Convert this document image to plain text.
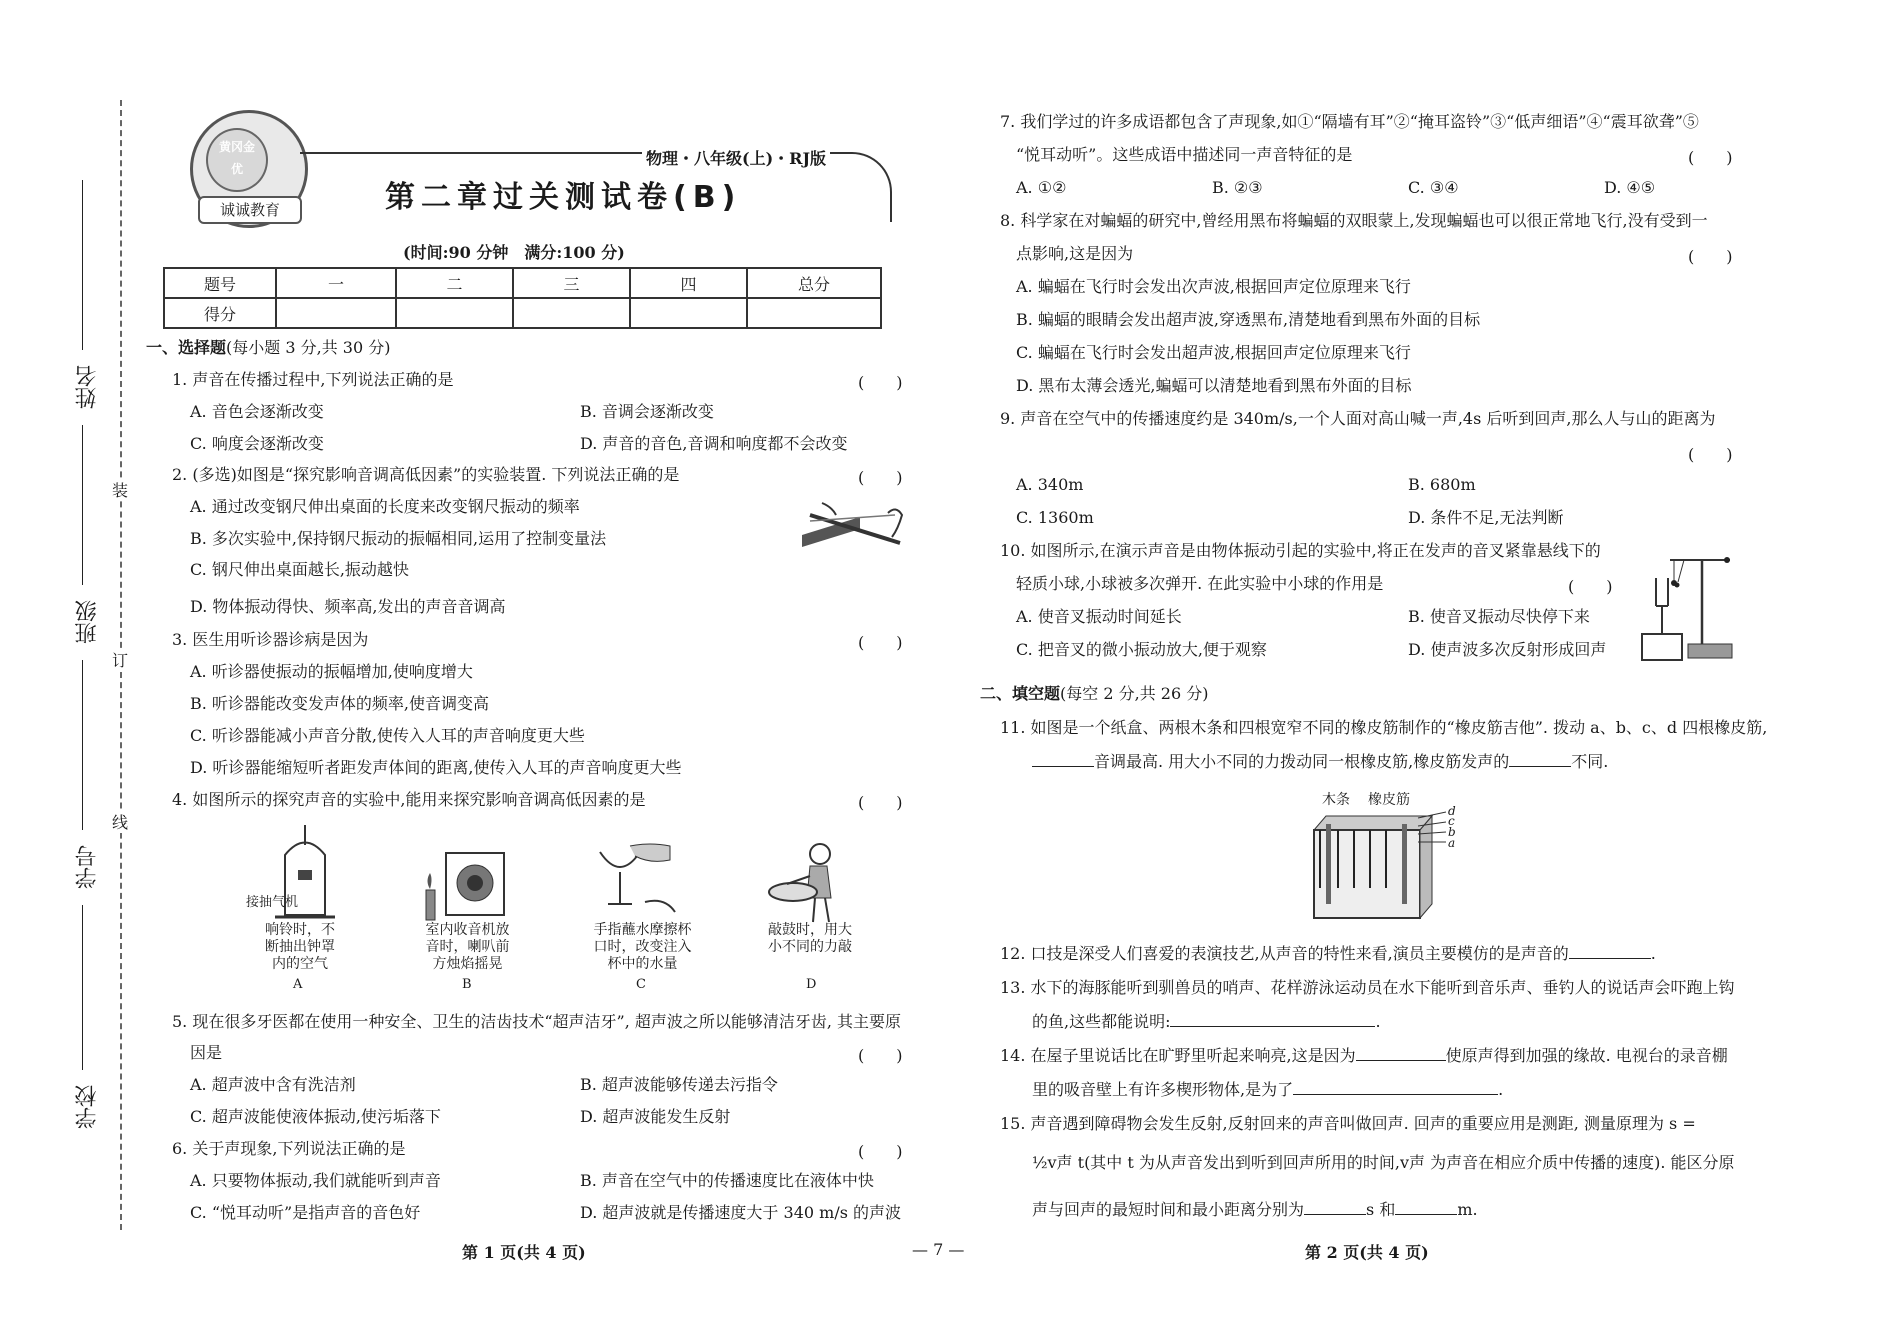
姓名
班级
学号
学校
装
订
线
黄冈金优
诚诚教育
物理・八年级(上)・RJ版
第二章过关测试卷(B)
(时间:90 分钟　满分:100 分)
题号	一	二	三	四	总分
得分					
一、选择题(每小题 3 分,共 30 分)
1. 声音在传播过程中,下列说法正确的是	(　　)
A. 音色会逐渐改变	B. 音调会逐渐改变
C. 响度会逐渐改变	D. 声音的音色,音调和响度都不会改变
2. (多选)如图是“探究影响音调高低因素”的实验装置. 下列说法正确的是	(　　)
A. 通过改变钢尺伸出桌面的长度来改变钢尺振动的频率
B. 多次实验中,保持钢尺振动的振幅相同,运用了控制变量法
C. 钢尺伸出桌面越长,振动越快
D. 物体振动得快、频率高,发出的声音音调高
3. 医生用听诊器诊病是因为	(　　)
A. 听诊器使振动的振幅增加,使响度增大
B. 听诊器能改变发声体的频率,使音调变高
C. 听诊器能减小声音分散,使传入人耳的声音响度更大些
D. 听诊器能缩短听者距发声体间的距离,使传入人耳的声音响度更大些
4. 如图所示的探究声音的实验中,能用来探究影响音调高低因素的是	(　　)
接抽气机
响铃时，不
断抽出钟罩
内的空气
A
室内收音机放
音时，喇叭前
方烛焰摇晃
B
手指蘸水摩擦杯
口时，改变注入
杯中的水量
C
敲鼓时，用大
小不同的力敲
D
5. 现在很多牙医都在使用一种安全、卫生的洁齿技术“超声洁牙”, 超声波之所以能够清洁牙齿, 其主要原
因是	(　　)
A. 超声波中含有洗洁剂	B. 超声波能够传递去污指令
C. 超声波能使液体振动,使污垢落下	D. 超声波能发生反射
6. 关于声现象,下列说法正确的是	(　　)
A. 只要物体振动,我们就能听到声音	B. 声音在空气中的传播速度比在液体中快
C. “悦耳动听”是指声音的音色好	D. 超声波就是传播速度大于 340 m/s 的声波
7. 我们学过的许多成语都包含了声现象,如①“隔墙有耳”②“掩耳盗铃”③“低声细语”④“震耳欲聋”⑤
“悦耳动听”。这些成语中描述同一声音特征的是	(　　)
A. ①②	B. ②③	C. ③④	D. ④⑤
8. 科学家在对蝙蝠的研究中,曾经用黑布将蝙蝠的双眼蒙上,发现蝙蝠也可以很正常地飞行,没有受到一
点影响,这是因为	(　　)
A. 蝙蝠在飞行时会发出次声波,根据回声定位原理来飞行
B. 蝙蝠的眼睛会发出超声波,穿透黑布,清楚地看到黑布外面的目标
C. 蝙蝠在飞行时会发出超声波,根据回声定位原理来飞行
D. 黑布太薄会透光,蝙蝠可以清楚地看到黑布外面的目标
9. 声音在空气中的传播速度约是 340m/s,一个人面对高山喊一声,4s 后听到回声,那么人与山的距离为
(　　)
A. 340m	B. 680m
C. 1360m	D. 条件不足,无法判断
10. 如图所示,在演示声音是由物体振动引起的实验中,将正在发声的音叉紧靠悬线下的
轻质小球,小球被多次弹开. 在此实验中小球的作用是	(　　)
A. 使音叉振动时间延长	B. 使音叉振动尽快停下来
C. 把音叉的微小振动放大,便于观察	D. 使声波多次反射形成回声
二、填空题(每空 2 分,共 26 分)
11. 如图是一个纸盒、两根木条和四根宽窄不同的橡皮筋制作的“橡皮筋吉他”. 拨动 a、b、c、d 四根橡皮筋,
音调最高. 用大小不同的力拨动同一根橡皮筋,橡皮筋发声的	不同.
木条 橡皮筋
d
c
b
a
12. 口技是深受人们喜爱的表演技艺,从声音的特性来看,演员主要模仿的是声音的	.
13. 水下的海豚能听到驯兽员的哨声、花样游泳运动员在水下能听到音乐声、垂钓人的说话声会吓跑上钩
的鱼,这些都能说明:	.
14. 在屋子里说话比在旷野里听起来响亮,这是因为	使原声得到加强的缘故. 电视台的录音棚
里的吸音壁上有许多楔形物体,是为了	.
15. 声音遇到障碍物会发生反射,反射回来的声音叫做回声. 回声的重要应用是测距, 测量原理为 s =
½v声 t(其中 t 为从声音发出到听到回声所用的时间,v声 为声音在相应介质中传播的速度). 能区分原
声与回声的最短时间和最小距离分别为	s 和	m.
第 1 页(共 4 页)	— 7 —	第 2 页(共 4 页)
